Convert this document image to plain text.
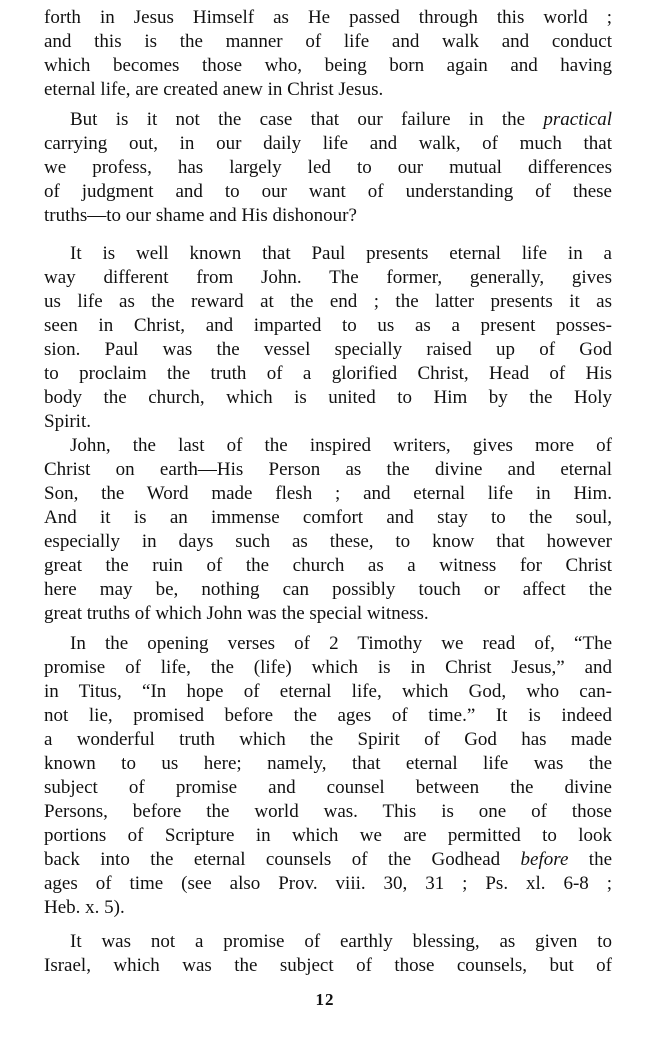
forth in Jesus Himself as He passed through this world ;
and this is the manner of life and walk and conduct
which becomes those who, being born again and having
eternal life, are created anew in Christ Jesus.
But is it not the case that our failure in the practical
carrying out, in our daily life and walk, of much that
we profess, has largely led to our mutual differences
of judgment and to our want of understanding of these
truths—to our shame and His dishonour?
It is well known that Paul presents eternal life in a
way different from John. The former, generally, gives
us life as the reward at the end ; the latter presents it as
seen in Christ, and imparted to us as a present posses-
sion. Paul was the vessel specially raised up of God
to proclaim the truth of a glorified Christ, Head of His
body the church, which is united to Him by the Holy
Spirit.
John, the last of the inspired writers, gives more of
Christ on earth—His Person as the divine and eternal
Son, the Word made flesh ; and eternal life in Him.
And it is an immense comfort and stay to the soul,
especially in days such as these, to know that however
great the ruin of the church as a witness for Christ
here may be, nothing can possibly touch or affect the
great truths of which John was the special witness.
In the opening verses of 2 Timothy we read of, “The
promise of life, the (life) which is in Christ Jesus,” and
in Titus, “In hope of eternal life, which God, who can-
not lie, promised before the ages of time.” It is indeed
a wonderful truth which the Spirit of God has made
known to us here; namely, that eternal life was the
subject of promise and counsel between the divine
Persons, before the world was. This is one of those
portions of Scripture in which we are permitted to look
back into the eternal counsels of the Godhead before the
ages of time (see also Prov. viii. 30, 31 ; Ps. xl. 6-8 ;
Heb. x. 5).
It was not a promise of earthly blessing, as given to
Israel, which was the subject of those counsels, but of
12
